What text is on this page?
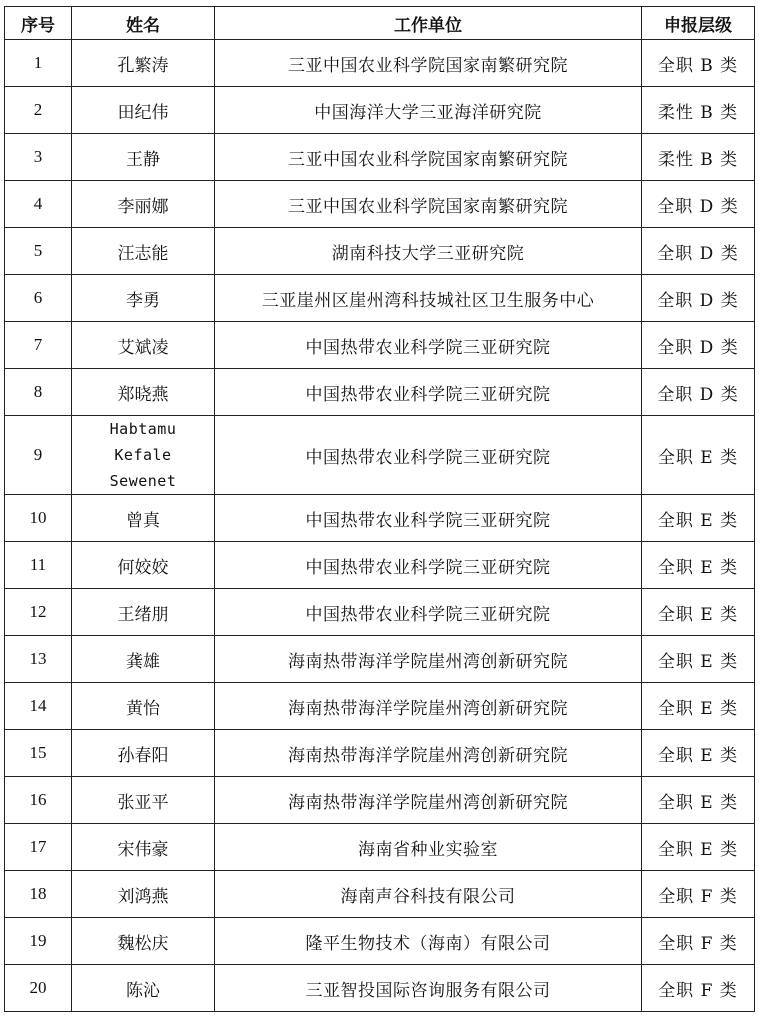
序号	姓名	工作单位	申报层级
1	孔繁涛	三亚中国农业科学院国家南繁研究院	全职 B 类
2	田纪伟	中国海洋大学三亚海洋研究院	柔性 B 类
3	王静	三亚中国农业科学院国家南繁研究院	柔性 B 类
4	李丽娜	三亚中国农业科学院国家南繁研究院	全职 D 类
5	汪志能	湖南科技大学三亚研究院	全职 D 类
6	李勇	三亚崖州区崖州湾科技城社区卫生服务中心	全职 D 类
7	艾斌凌	中国热带农业科学院三亚研究院	全职 D 类
8	郑晓燕	中国热带农业科学院三亚研究院	全职 D 类
9	Habtamu
Kefale
Sewenet	中国热带农业科学院三亚研究院	全职 E 类
10	曾真	中国热带农业科学院三亚研究院	全职 E 类
11	何姣姣	中国热带农业科学院三亚研究院	全职 E 类
12	王绪朋	中国热带农业科学院三亚研究院	全职 E 类
13	龚雄	海南热带海洋学院崖州湾创新研究院	全职 E 类
14	黄怡	海南热带海洋学院崖州湾创新研究院	全职 E 类
15	孙春阳	海南热带海洋学院崖州湾创新研究院	全职 E 类
16	张亚平	海南热带海洋学院崖州湾创新研究院	全职 E 类
17	宋伟豪	海南省种业实验室	全职 E 类
18	刘鸿燕	海南声谷科技有限公司	全职 F 类
19	魏松庆	隆平生物技术（海南）有限公司	全职 F 类
20	陈沁	三亚智投国际咨询服务有限公司	全职 F 类
